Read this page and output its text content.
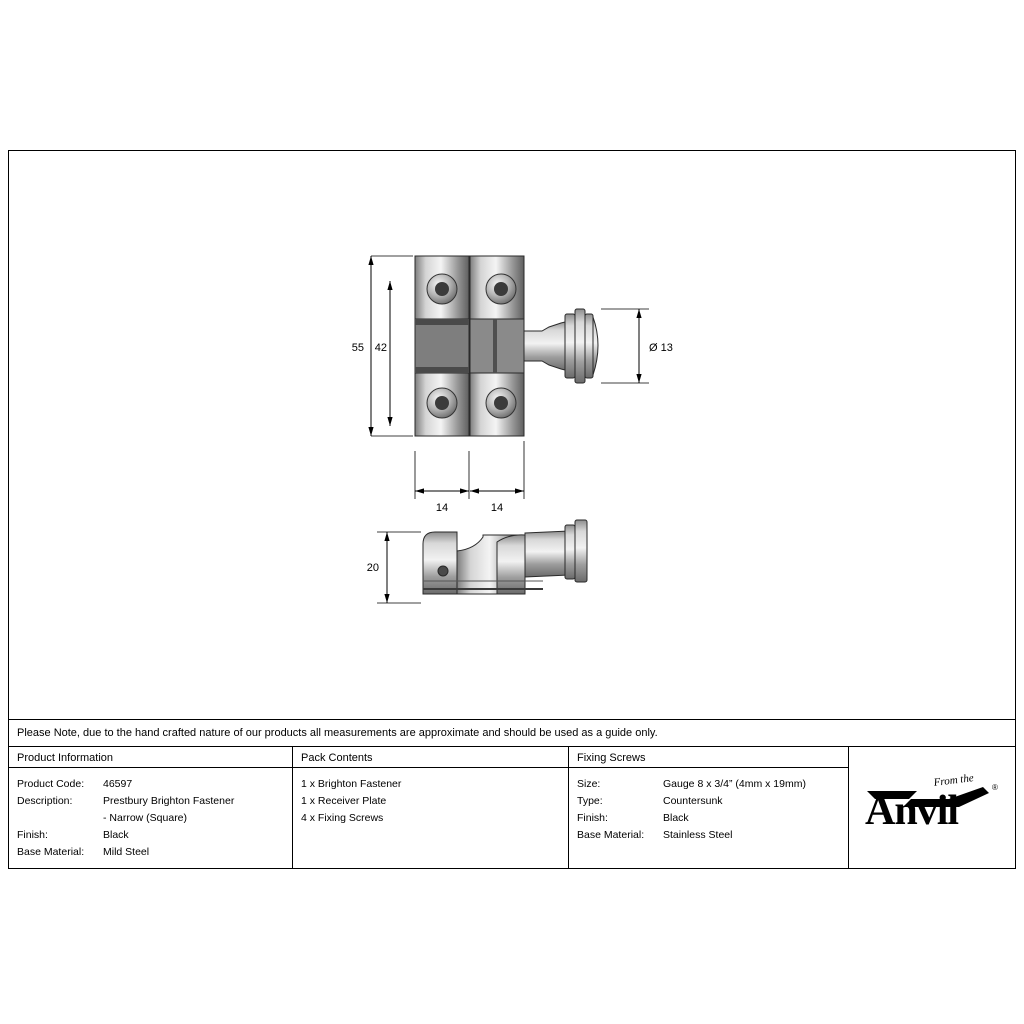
55 42
14	14
Ø 13
20
Please Note, due to the hand crafted nature of our products all measurements are approximate and should be used as a guide only.
Product Information
Product Code:	46597
Description:	Prestbury Brighton Fastener
- Narrow (Square)
Finish:	Black
Base Material:	Mild Steel
Pack Contents
1 x Brighton Fastener
1 x Receiver Plate
4 x Fixing Screws
Fixing Screws
Size:	Gauge 8 x 3/4” (4mm x 19mm)
Type:	Countersunk
Finish:	Black
Base Material:	Stainless Steel
From the
Anvil
®
